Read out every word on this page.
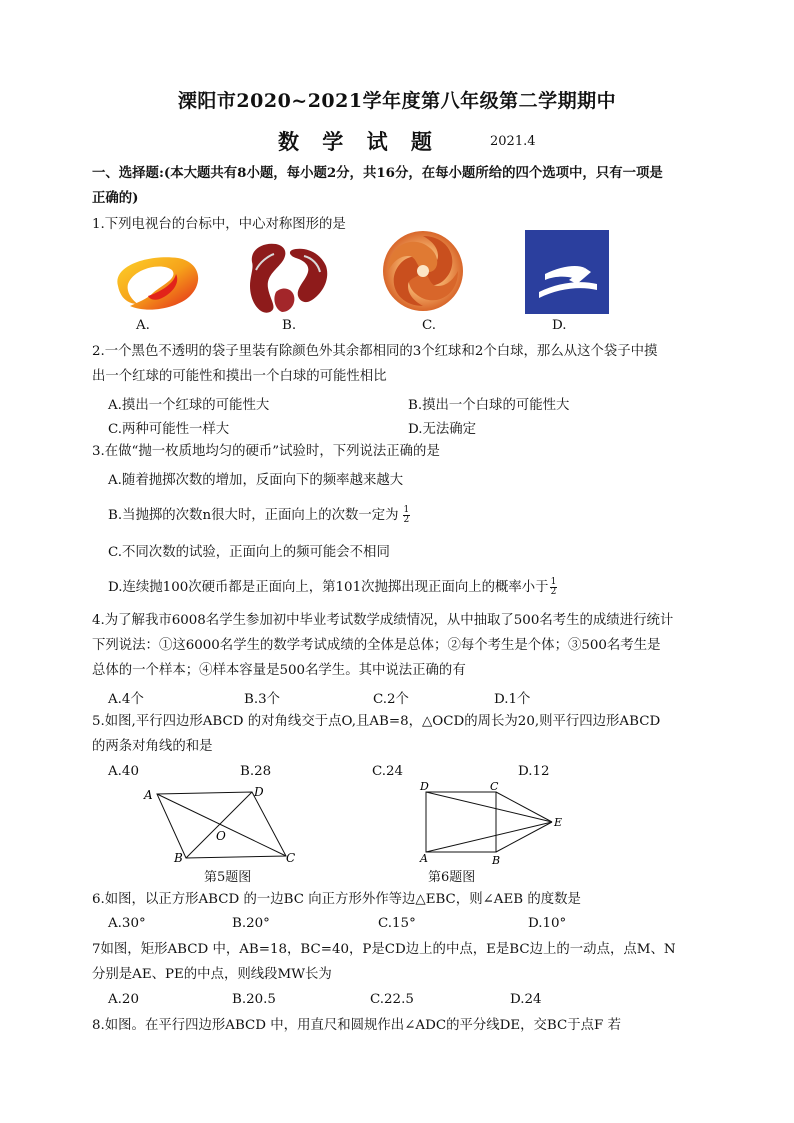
溧阳市2020~2021学年度第八年级第二学期期中
数 学 试 题	2021.4
一、选择题:(本大题共有8小题，每小题2分，共16分，在每小题所给的四个选项中，只有一项是
正确的)
1.下列电视台的台标中，中心对称图形的是
A.	B.	C.	D.
2.一个黑色不透明的袋子里装有除颜色外其余都相同的3个红球和2个白球，那么从这个袋子中摸
出一个红球的可能性和摸出一个白球的可能性相比
A.摸出一个红球的可能性大	B.摸出一个白球的可能性大
C.两种可能性一样大	D.无法确定
3.在做“抛一枚质地均匀的硬币”试验时，下列说法正确的是
A.随着抛掷次数的增加，反面向下的频率越来越大
B.当抛掷的次数n很大时，正面向上的次数一定为 $\frac{1}{2}$
C.不同次数的试验，正面向上的频可能会不相同
D.连续抛100次硬币都是正面向上，第101次抛掷出现正面向上的概率小于 $\frac{1}{2}$
4.为了解我市6008名学生参加初中毕业考试数学成绩情况，从中抽取了500名考生的成绩进行统计
下列说法：①这6000名学生的数学考试成绩的全体是总体；②每个考生是个体；③500名考生是
总体的一个样本；④样本容量是500名学生。其中说法正确的有
A.4个	B.3个	C.2个	D.1个
5.如图,平行四边形ABCD 的对角线交于点O,且AB=8，△OCD的周长为20,则平行四边形ABCD
的两条对角线的和是
A.40	B.28	C.24	D.12
A	D
O
B	C
第5题图
D	C
E
A	B
第6题图
6.如图，以正方形ABCD 的一边BC 向正方形外作等边△EBC，则∠AEB 的度数是
A.30°	B.20°	C.15°	D.10°
7如图，矩形ABCD 中，AB=18，BC=40，P是CD边上的中点，E是BC边上的一动点，点M、N
分别是AE、PE的中点，则线段MW长为
A.20	B.20.5	C.22.5	D.24
8.如图。在平行四边形ABCD 中，用直尺和圆规作出∠ADC的平分线DE，交BC于点F 若
